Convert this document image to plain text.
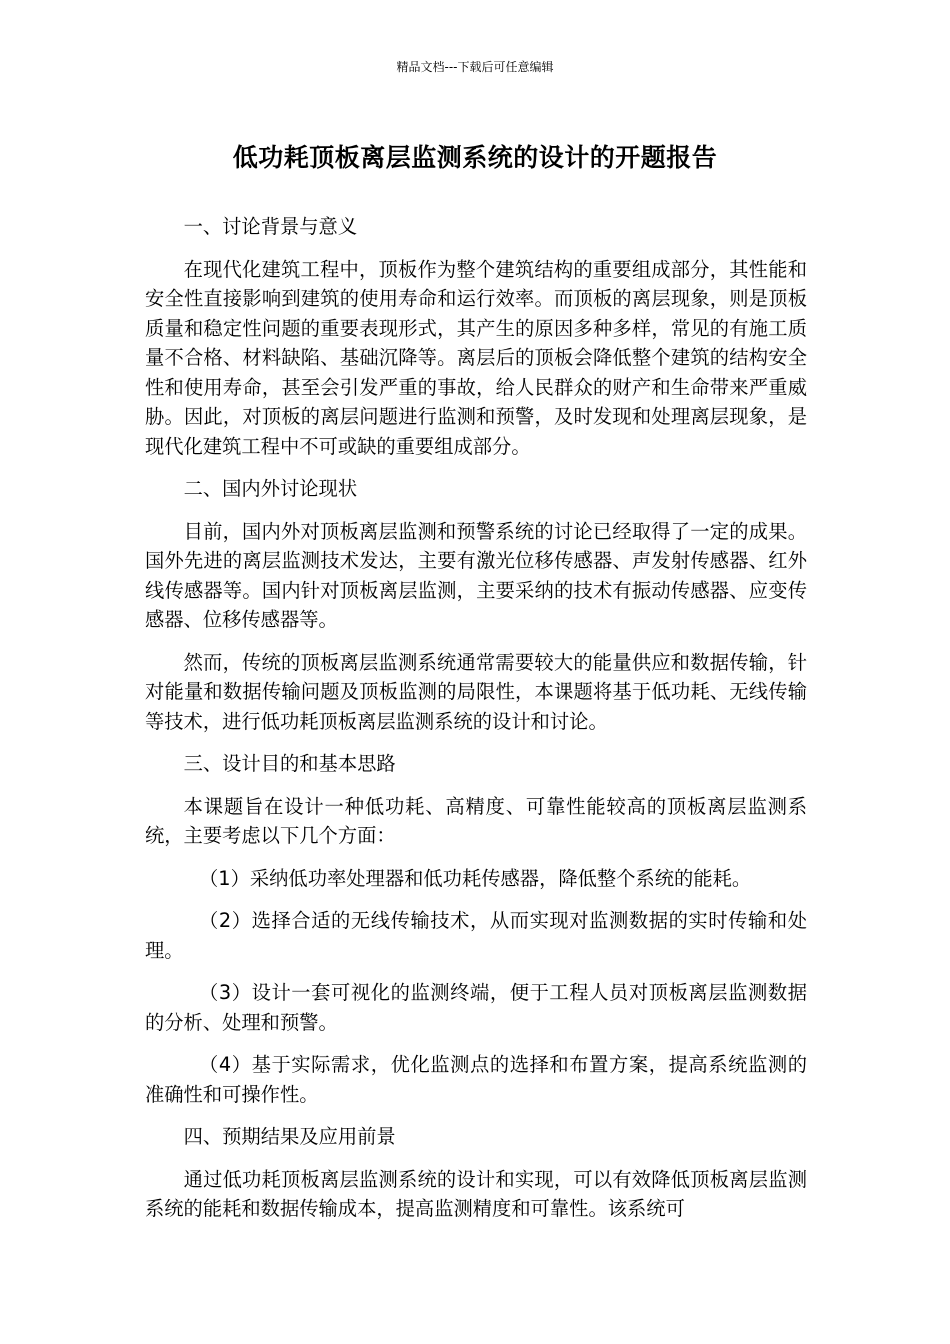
精品文档---下载后可任意编辑
低功耗顶板离层监测系统的设计的开题报告

一、讨论背景与意义

在现代化建筑工程中，顶板作为整个建筑结构的重要组成部分，其性能和安全性直接影响到建筑的使用寿命和运行效率。而顶板的离层现象，则是顶板质量和稳定性问题的重要表现形式，其产生的原因多种多样，常见的有施工质量不合格、材料缺陷、基础沉降等。离层后的顶板会降低整个建筑的结构安全性和使用寿命，甚至会引发严重的事故，给人民群众的财产和生命带来严重威胁。因此，对顶板的离层问题进行监测和预警，及时发现和处理离层现象，是现代化建筑工程中不可或缺的重要组成部分。

二、国内外讨论现状

目前，国内外对顶板离层监测和预警系统的讨论已经取得了一定的成果。国外先进的离层监测技术发达，主要有激光位移传感器、声发射传感器、红外线传感器等。国内针对顶板离层监测，主要采纳的技术有振动传感器、应变传感器、位移传感器等。

然而，传统的顶板离层监测系统通常需要较大的能量供应和数据传输，针对能量和数据传输问题及顶板监测的局限性，本课题将基于低功耗、无线传输等技术，进行低功耗顶板离层监测系统的设计和讨论。

三、设计目的和基本思路

本课题旨在设计一种低功耗、高精度、可靠性能较高的顶板离层监测系统，主要考虑以下几个方面：

（1）采纳低功率处理器和低功耗传感器，降低整个系统的能耗。

（2）选择合适的无线传输技术，从而实现对监测数据的实时传输和处理。

（3）设计一套可视化的监测终端，便于工程人员对顶板离层监测数据的分析、处理和预警。

（4）基于实际需求，优化监测点的选择和布置方案，提高系统监测的准确性和可操作性。

四、预期结果及应用前景

通过低功耗顶板离层监测系统的设计和实现，可以有效降低顶板离层监测系统的能耗和数据传输成本，提高监测精度和可靠性。该系统可
